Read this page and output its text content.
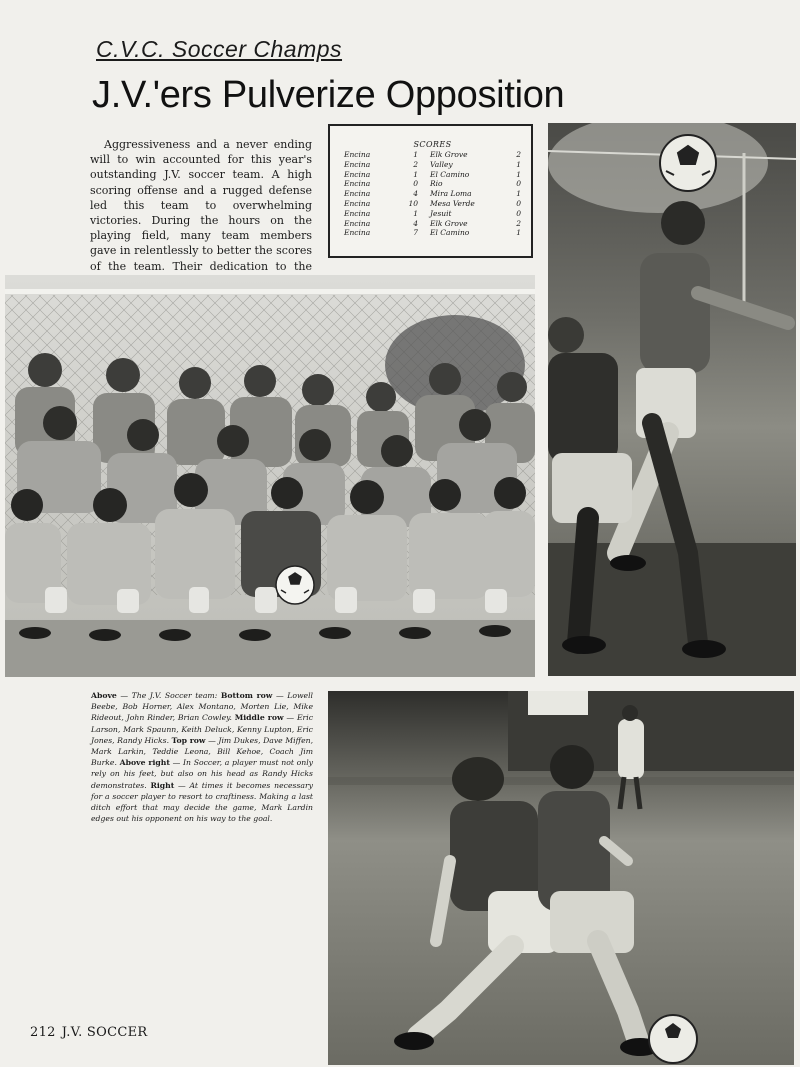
C.V.C. Soccer Champs
J.V.'ers Pulverize Opposition

Aggressiveness and a never ending will to win accounted for this year's outstanding J.V. soccer team. A high scoring offense and a rugged defense led this team to overwhelming victories. During the hours on the playing field, many team members gave in relentlessly to better the scores of the team. Their dedication to the

SCORES
Encina	1	Elk Grove	2
Encina	2	Valley	1
Encina	1	El Camino	1
Encina	0	Rio	0
Encina	4	Mira Loma	1
Encina	10	Mesa Verde	0
Encina	1	Jesuit	0
Encina	4	Elk Grove	2
Encina	7	El Camino	1

Above — The J.V. Soccer team: Bottom row — Lowell Beebe, Bob Horner, Alex Montano, Morten Lie, Mike Rideout, John Rinder, Brian Cowley. Middle row — Eric Larson, Mark Spaunn, Keith Deluck, Kenny Lupton, Eric Jones, Randy Hicks. Top row — Jim Dukes, Dave Miffen, Mark Larkin, Teddie Leona, Bill Kehoe, Coach Jim Burke. Above right — In Soccer, a player must not only rely on his feet, but also on his head as Randy Hicks demonstrates. Right — At times it becomes necessary for a soccer player to resort to craftiness. Making a last ditch effort that may decide the game, Mark Lardin edges out his opponent on his way to the goal.

212 J.V. SOCCER
